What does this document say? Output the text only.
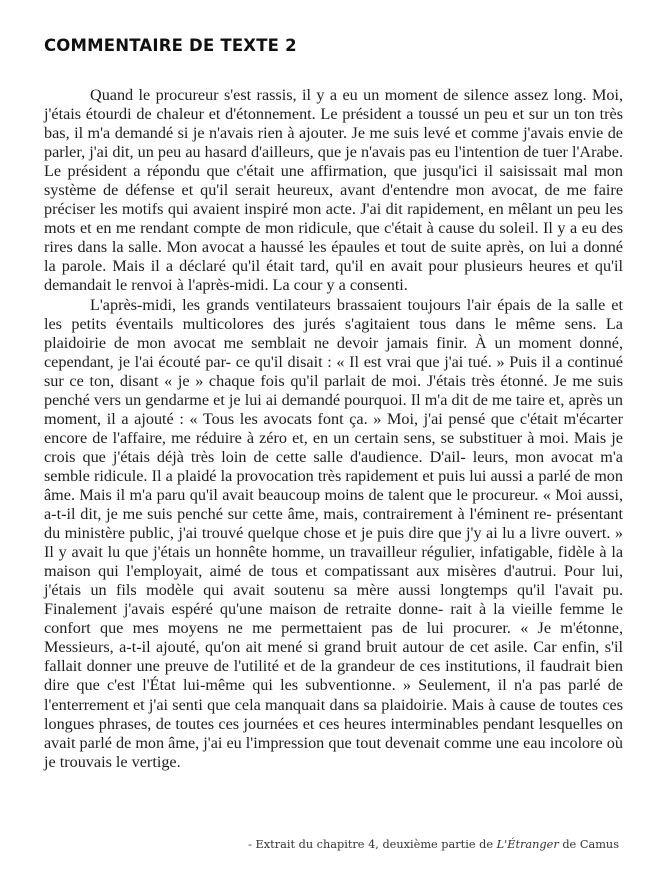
COMMENTAIRE DE TEXTE 2

Quand le procureur s'est rassis, il y a eu un moment de silence assez long. Moi, j'étais étourdi de chaleur et d'étonnement. Le président a toussé un peu et sur un ton très bas, il m'a demandé si je n'avais rien à ajouter. Je me suis levé et comme j'avais envie de parler, j'ai dit, un peu au hasard d'ailleurs, que je n'avais pas eu l'intention de tuer l'Arabe. Le président a répondu que c'était une affirmation, que jusqu'ici il saisissait mal mon système de défense et qu'il serait heureux, avant d'entendre mon avocat, de me faire préciser les motifs qui avaient inspiré mon acte. J'ai dit rapidement, en mêlant un peu les mots et en me rendant compte de mon ridicule, que c'était à cause du soleil. Il y a eu des rires dans la salle. Mon avocat a haussé les épaules et tout de suite après, on lui a donné la parole. Mais il a déclaré qu'il était tard, qu'il en avait pour plusieurs heures et qu'il demandait le renvoi à l'après-midi. La cour y a consenti.

L'après-midi, les grands ventilateurs brassaient toujours l'air épais de la salle et les petits éventails multicolores des jurés s'agitaient tous dans le même sens. La plaidoirie de mon avocat me semblait ne devoir jamais finir. À un moment donné, cependant, je l'ai écouté par- ce qu'il disait : « Il est vrai que j'ai tué. » Puis il a continué sur ce ton, disant « je » chaque fois qu'il parlait de moi. J'étais très étonné. Je me suis penché vers un gendarme et je lui ai demandé pourquoi. Il m'a dit de me taire et, après un moment, il a ajouté : « Tous les avocats font ça. » Moi, j'ai pensé que c'était m'écarter encore de l'affaire, me réduire à zéro et, en un certain sens, se substituer à moi. Mais je crois que j'étais déjà très loin de cette salle d'audience. D'ail- leurs, mon avocat m'a semble ridicule. Il a plaidé la provocation très rapidement et puis lui aussi a parlé de mon âme. Mais il m'a paru qu'il avait beaucoup moins de talent que le procureur. « Moi aussi, a-t-il dit, je me suis penché sur cette âme, mais, contrairement à l'éminent re- présentant du ministère public, j'ai trouvé quelque chose et je puis dire que j'y ai lu a livre ouvert. » Il y avait lu que j'étais un honnête homme, un travailleur régulier, infatigable, fidèle à la maison qui l'employait, aimé de tous et compatissant aux misères d'autrui. Pour lui, j'étais un fils modèle qui avait soutenu sa mère aussi longtemps qu'il l'avait pu. Finalement j'avais espéré qu'une maison de retraite donne- rait à la vieille femme le confort que mes moyens ne me permettaient pas de lui procurer. « Je m'étonne, Messieurs, a-t-il ajouté, qu'on ait mené si grand bruit autour de cet asile. Car enfin, s'il fallait donner une preuve de l'utilité et de la grandeur de ces institutions, il faudrait bien dire que c'est l'État lui-même qui les subventionne. » Seulement, il n'a pas parlé de l'enterrement et j'ai senti que cela manquait dans sa plaidoirie. Mais à cause de toutes ces longues phrases, de toutes ces journées et ces heures interminables pendant lesquelles on avait parlé de mon âme, j'ai eu l'impression que tout devenait comme une eau incolore où je trouvais le vertige.

- Extrait du chapitre 4, deuxième partie de L'Étranger de Camus
